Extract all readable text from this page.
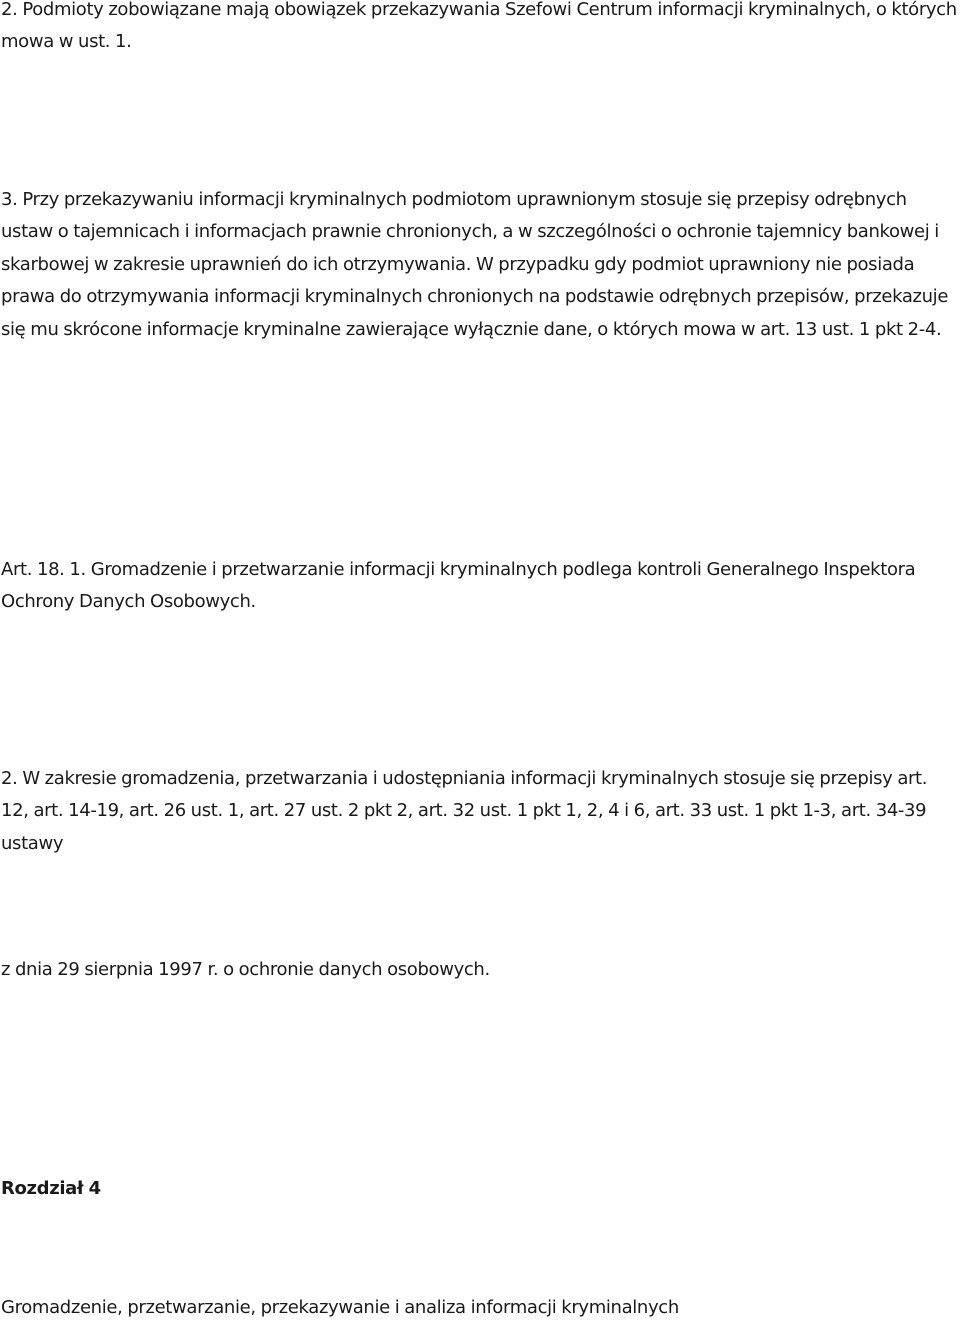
2. Podmioty zobowiązane mają obowiązek przekazywania Szefowi Centrum informacji kryminalnych, o których mowa w ust. 1.

3. Przy przekazywaniu informacji kryminalnych podmiotom uprawnionym stosuje się przepisy odrębnych ustaw o tajemnicach i informacjach prawnie chronionych, a w szczególności o ochronie tajemnicy bankowej i skarbowej w zakresie uprawnień do ich otrzymywania. W przypadku gdy podmiot uprawniony nie posiada prawa do otrzymywania informacji kryminalnych chronionych na podstawie odrębnych przepisów, przekazuje się mu skrócone informacje kryminalne zawierające wyłącznie dane, o których mowa w art. 13 ust. 1 pkt 2-4.

Art. 18. 1. Gromadzenie i przetwarzanie informacji kryminalnych podlega kontroli Generalnego Inspektora Ochrony Danych Osobowych.

2. W zakresie gromadzenia, przetwarzania i udostępniania informacji kryminalnych stosuje się przepisy art. 12, art. 14-19, art. 26 ust. 1, art. 27 ust. 2 pkt 2, art. 32 ust. 1 pkt 1, 2, 4 i 6, art. 33 ust. 1 pkt 1-3, art. 34-39 ustawy

z dnia 29 sierpnia 1997 r. o ochronie danych osobowych.

Rozdział 4

Gromadzenie, przetwarzanie, przekazywanie i analiza informacji kryminalnych
